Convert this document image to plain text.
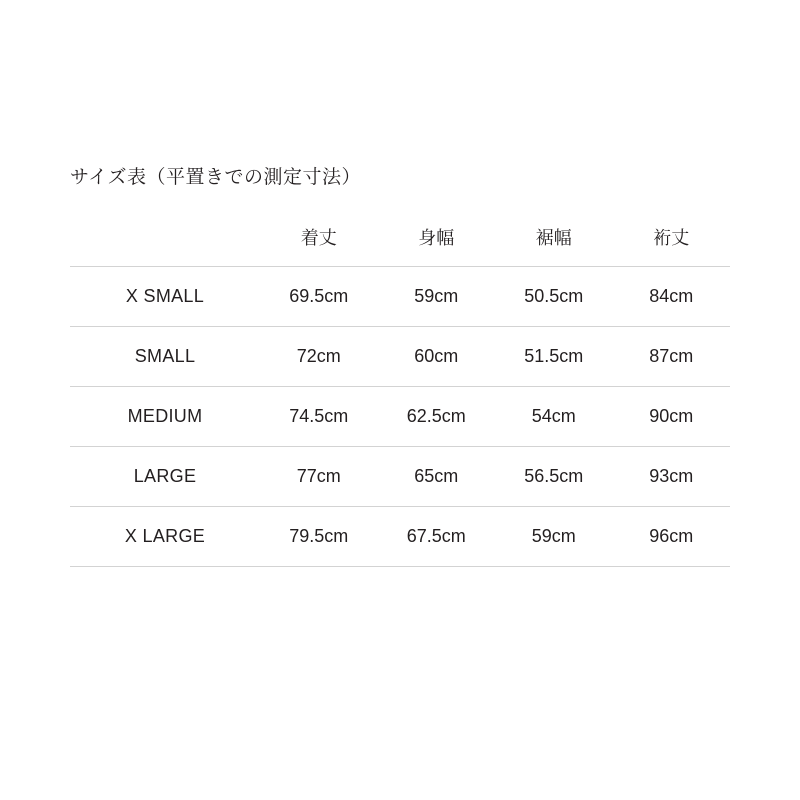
サイズ表（平置きでの測定寸法）
	着丈	身幅	裾幅	裄丈
X SMALL	69.5cm	59cm	50.5cm	84cm
SMALL	72cm	60cm	51.5cm	87cm
MEDIUM	74.5cm	62.5cm	54cm	90cm
LARGE	77cm	65cm	56.5cm	93cm
X LARGE	79.5cm	67.5cm	59cm	96cm
